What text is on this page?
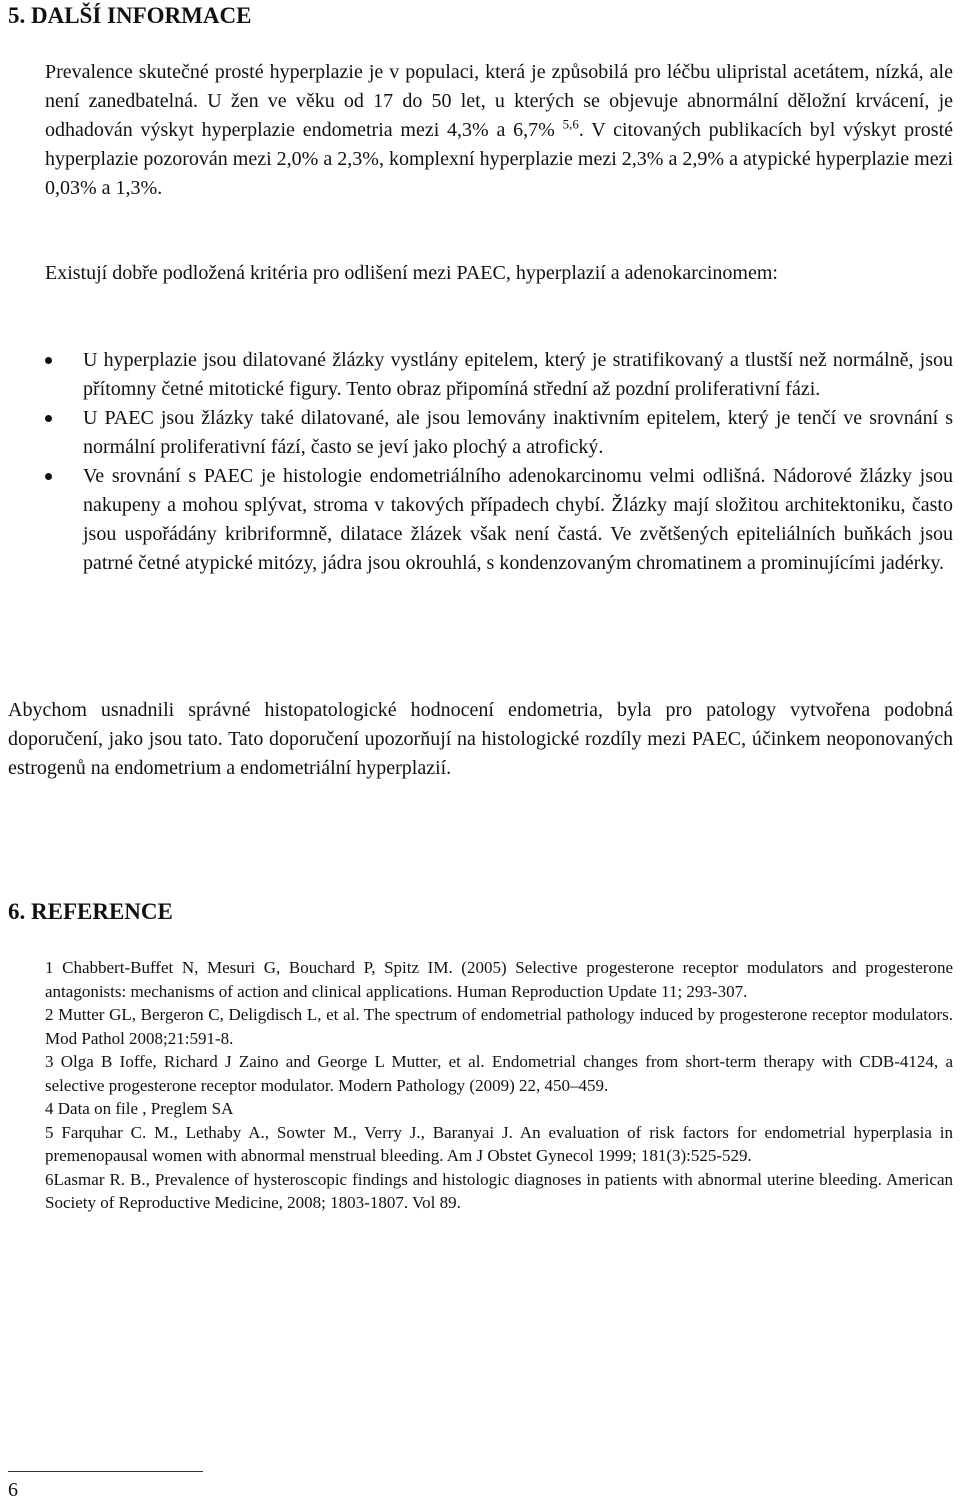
5. DALŠÍ INFORMACE

Prevalence skutečné prosté hyperplazie je v populaci, která je způsobilá pro léčbu ulipristal acetátem, nízká, ale není zanedbatelná. U žen ve věku od 17 do 50 let, u kterých se objevuje abnormální děložní krvácení, je odhadován výskyt hyperplazie endometria mezi 4,3% a 6,7% $^{5,6}$. V citovaných publikacích byl výskyt prosté hyperplazie pozorován mezi 2,0% a 2,3%, komplexní hyperplazie mezi 2,3% a 2,9% a atypické hyperplazie mezi 0,03% a 1,3%.

Existují dobře podložená kritéria pro odlišení mezi PAEC, hyperplazií a adenokarcinomem:

U hyperplazie jsou dilatované žlázky vystlány epitelem, který je stratifikovaný a tlustší než normálně, jsou přítomny četné mitotické figury. Tento obraz připomíná střední až pozdní proliferativní fázi.
U PAEC jsou žlázky také dilatované, ale jsou lemovány inaktivním epitelem, který je tenčí ve srovnání s normální proliferativní fází, často se jeví jako plochý a atrofický.
Ve srovnání s PAEC je histologie endometriálního adenokarcinomu velmi odlišná. Nádorové žlázky jsou nakupeny a mohou splývat, stroma v takových případech chybí. Žlázky mají složitou architektoniku, často jsou uspořádány kribriformně, dilatace žlázek však není častá. Ve zvětšených epiteliálních buňkách jsou patrné četné atypické mitózy, jádra jsou okrouhlá, s kondenzovaným chromatinem a prominujícími jadérky.

Abychom usnadnili správné histopatologické hodnocení endometria, byla pro patology vytvořena podobná doporučení, jako jsou tato. Tato doporučení upozorňují na histologické rozdíly mezi PAEC, účinkem neoponovaných estrogenů na endometrium a endometriální hyperplazií.

6. REFERENCE
1 Chabbert-Buffet N, Mesuri G, Bouchard P, Spitz IM. (2005) Selective progesterone receptor modulators and progesterone antagonists: mechanisms of action and clinical applications. Human Reproduction Update 11; 293-307.
2 Mutter GL, Bergeron C, Deligdisch L, et al. The spectrum of endometrial pathology induced by progesterone receptor modulators. Mod Pathol 2008;21:591-8.
3 Olga B Ioffe, Richard J Zaino and George L Mutter, et al. Endometrial changes from short-term therapy with CDB-4124, a selective progesterone receptor modulator. Modern Pathology (2009) 22, 450–459.
4 Data on file , Preglem SA
5 Farquhar C. M., Lethaby A., Sowter M., Verry J., Baranyai J. An evaluation of risk factors for endometrial hyperplasia in premenopausal women with abnormal menstrual bleeding. Am J Obstet Gynecol 1999; 181(3):525-529.
6Lasmar R. B., Prevalence of hysteroscopic findings and histologic diagnoses in patients with abnormal uterine bleeding. American Society of Reproductive Medicine, 2008; 1803-1807. Vol 89.
6
